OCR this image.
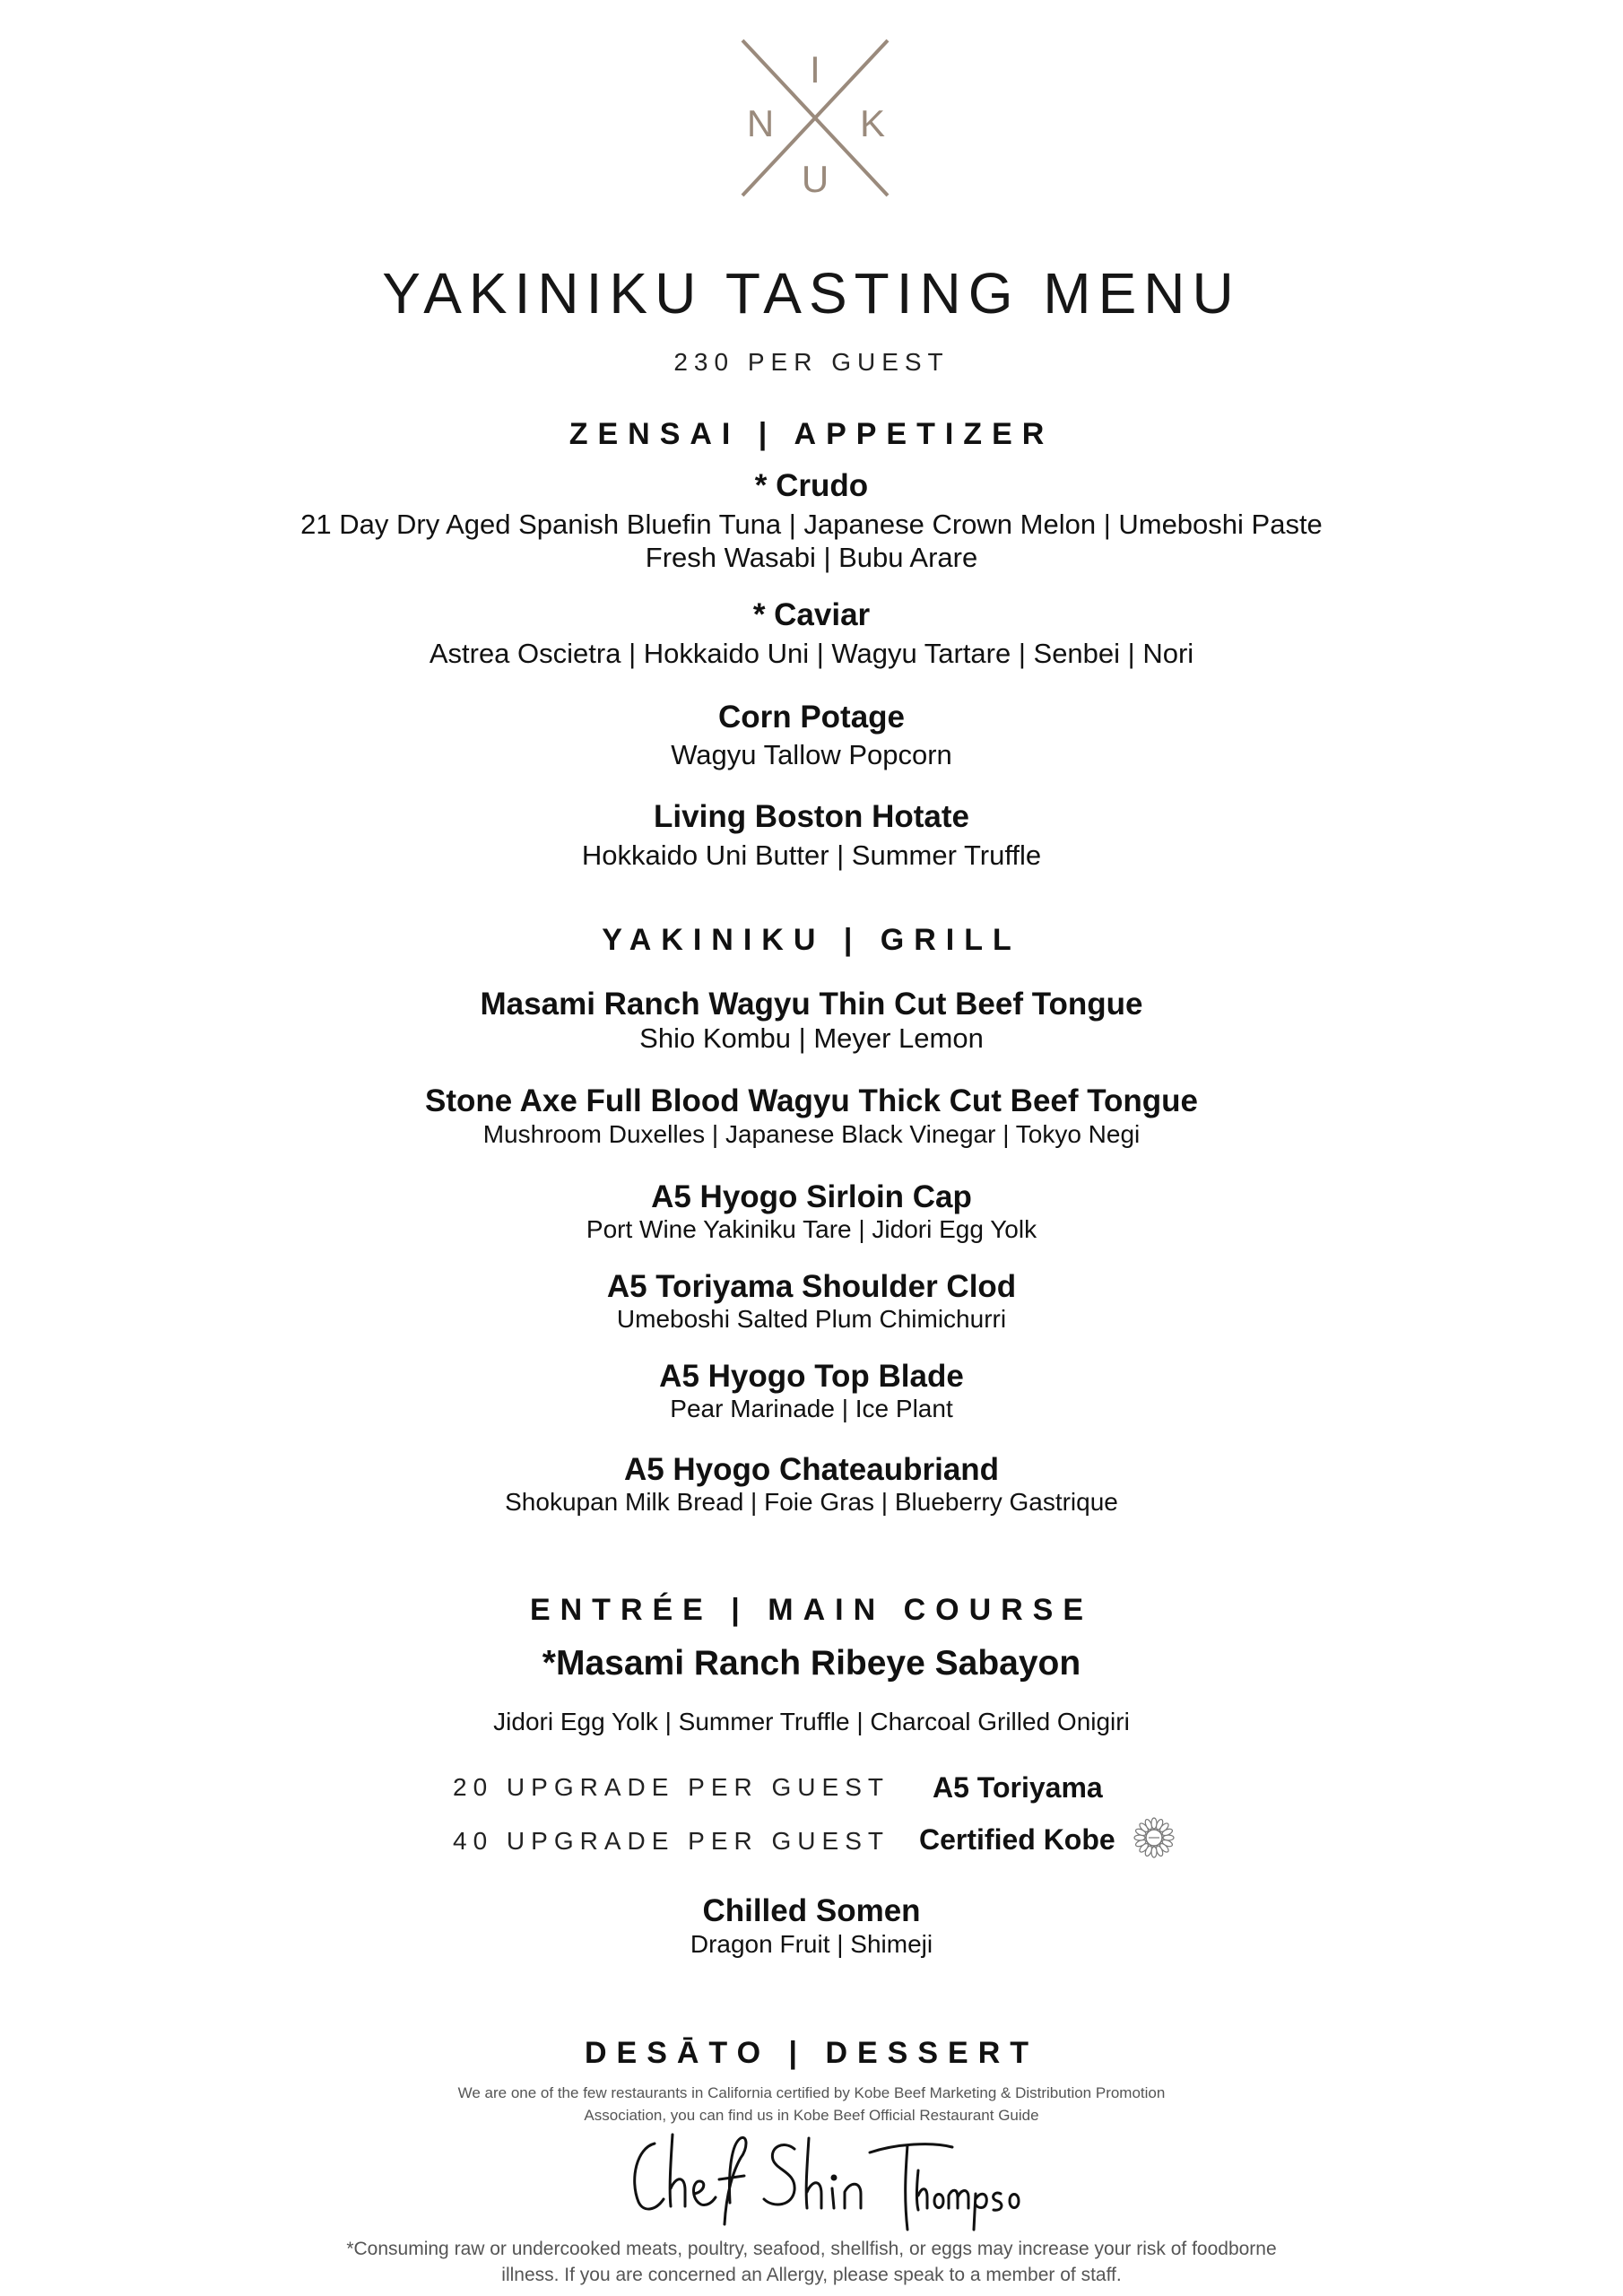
I
N K
U
YAKINIKU TASTING MENU
230 PER GUEST
ZENSAI | APPETIZER
* Crudo
21 Day Dry Aged Spanish Bluefin Tuna | Japanese Crown Melon | Umeboshi Paste
Fresh Wasabi | Bubu Arare
* Caviar
Astrea Oscietra | Hokkaido Uni | Wagyu Tartare | Senbei | Nori
Corn Potage
Wagyu Tallow Popcorn
Living Boston Hotate
Hokkaido Uni Butter | Summer Truffle
YAKINIKU | GRILL
Masami Ranch Wagyu Thin Cut Beef Tongue
Shio Kombu | Meyer Lemon
Stone Axe Full Blood Wagyu Thick Cut Beef Tongue
Mushroom Duxelles | Japanese Black Vinegar | Tokyo Negi
A5 Hyogo Sirloin Cap
Port Wine Yakiniku Tare | Jidori Egg Yolk
A5 Toriyama Shoulder Clod
Umeboshi Salted Plum Chimichurri
A5 Hyogo Top Blade
Pear Marinade | Ice Plant
A5 Hyogo Chateaubriand
Shokupan Milk Bread | Foie Gras | Blueberry Gastrique
ENTRÉE | MAIN COURSE
*Masami Ranch Ribeye Sabayon
Jidori Egg Yolk | Summer Truffle | Charcoal Grilled Onigiri
20 UPGRADE PER GUEST A5 Toriyama
40 UPGRADE PER GUEST Certified Kobe
Chilled Somen
Dragon Fruit | Shimeji
DESĀTO | DESSERT
We are one of the few restaurants in California certified by Kobe Beef Marketing & Distribution Promotion
Association, you can find us in Kobe Beef Official Restaurant Guide
*Consuming raw or undercooked meats, poultry, seafood, shellfish, or eggs may increase your risk of foodborne
illness. If you are concerned an Allergy, please speak to a member of staff.
